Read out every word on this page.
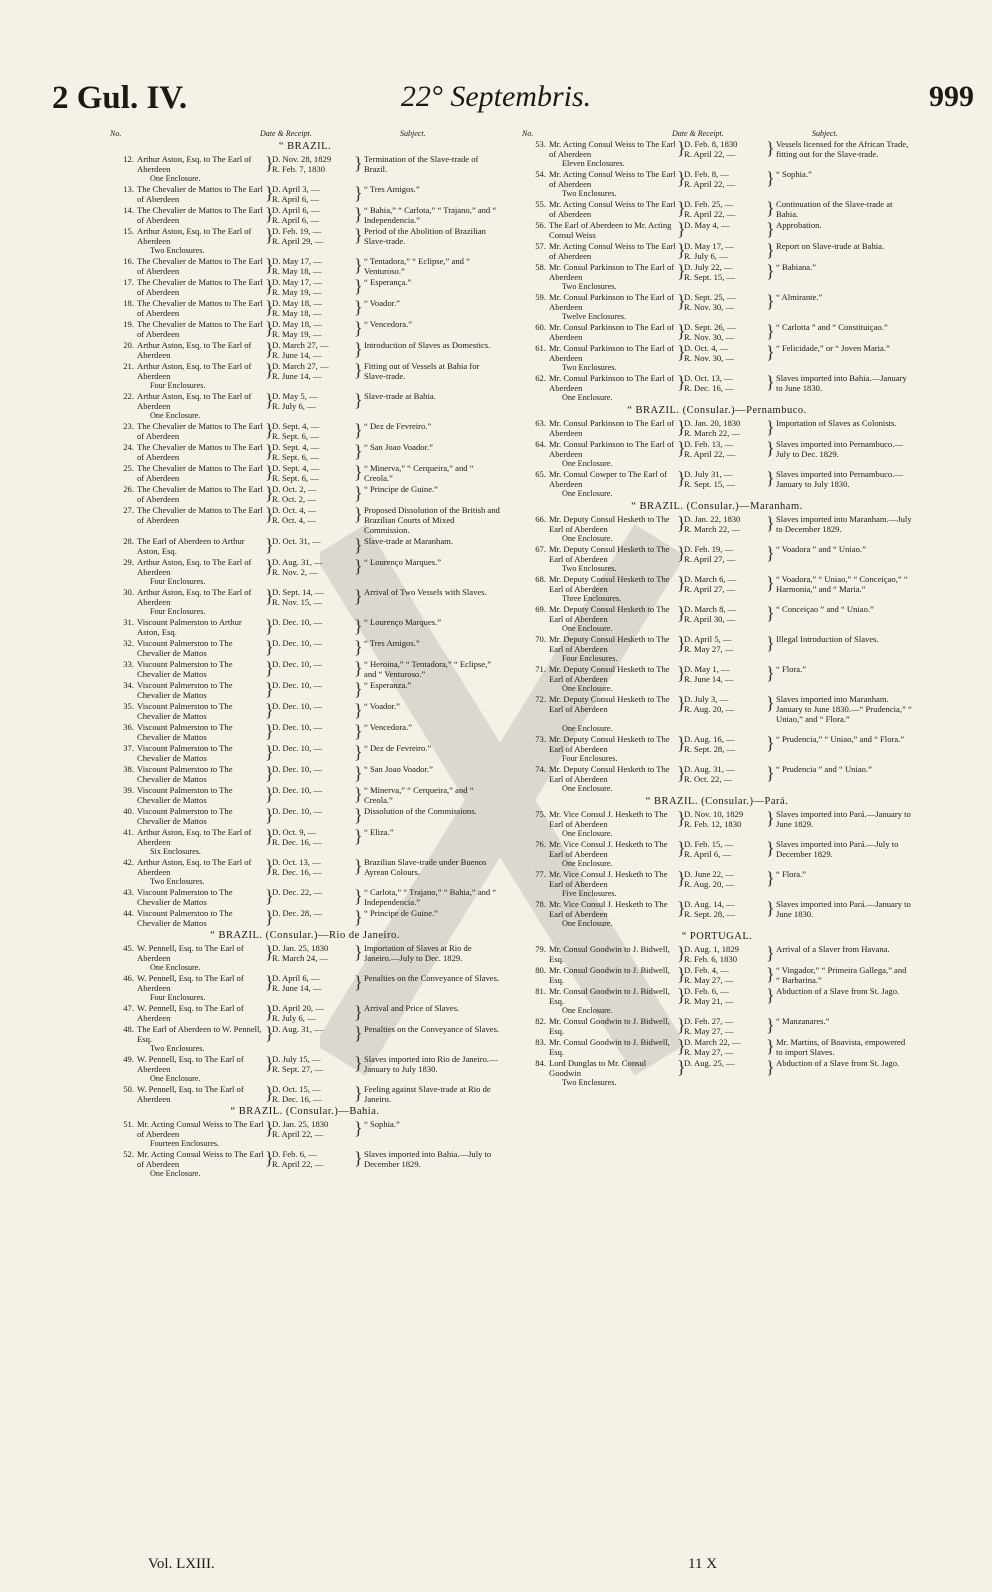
2 Gul. IV.	22° Septembris.	999
No.	Date & Receipt.	Subject.
“ BRAZIL.
12. Arthur Aston, Esq. to The Earl of Aberdeen	}
D. Nov. 28, 1829
R. Feb. 7, 1830	} Termination of the Slave-trade of Brazil.
One Enclosure.
13. The Chevalier de Mattos to The Earl of Aberdeen	}
D. April 3, —
R. April 6, —	} “ Tres Amigos.”
14. The Chevalier de Mattos to The Earl of Aberdeen	}
D. April 6, —
R. April 6, —	} “ Bahia,” “ Carlota,” “ Trajano,” and “ Independencia.”
15. Arthur Aston, Esq. to The Earl of Aberdeen	}
D. Feb. 19, —
R. April 29, —	} Period of the Abolition of Brazilian Slave-trade.
Two Enclosures.
16. The Chevalier de Mattos to The Earl of Aberdeen	}
D. May 17, —
R. May 18, —	} “ Tentadora,” “ Eclipse,” and “ Venturoso.”
17. The Chevalier de Mattos to The Earl of Aberdeen	}
D. May 17, —
R. May 19, —	} “ Esperança.”
18. The Chevalier de Mattos to The Earl of Aberdeen	}
D. May 18, —
R. May 18, —	} “ Voador.”
19. The Chevalier de Mattos to The Earl of Aberdeen	}
D. May 18, —
R. May 19, —	} “ Vencedora.”
20. Arthur Aston, Esq. to The Earl of Aberdeen	}
D. March 27, —
R. June 14, —	} Introduction of Slaves as Domestics.
21. Arthur Aston, Esq. to The Earl of Aberdeen	}
D. March 27, —
R. June 14, —	} Fitting out of Vessels at Bahia for Slave-trade.
Four Enclosures.
22. Arthur Aston, Esq. to The Earl of Aberdeen	}
D. May 5, —
R. July 6, —	} Slave-trade at Bahia.
One Enclosure.
23. The Chevalier de Mattos to The Earl of Aberdeen	}
D. Sept. 4, —
R. Sept. 6, —	} “ Dez de Fevreiro.”
24. The Chevalier de Mattos to The Earl of Aberdeen	}
D. Sept. 4, —
R. Sept. 6, —	} “ San Joao Voador.”
25. The Chevalier de Mattos to The Earl of Aberdeen	}
D. Sept. 4, —
R. Sept. 6, —	} “ Minerva,” “ Cerqueira,” and “ Creola.”
26. The Chevalier de Mattos to The Earl of Aberdeen	}
D. Oct. 2, —
R. Oct. 2, —	} “ Principe de Guine.”
27. The Chevalier de Mattos to The Earl of Aberdeen	}
D. Oct. 4, —
R. Oct. 4, —	} Proposed Dissolution of the British and Brazilian Courts of Mixed Commission.
28. The Earl of Aberdeen to Arthur Aston, Esq.	}
D. Oct. 31, —	} Slave-trade at Maranham.
29. Arthur Aston, Esq. to The Earl of Aberdeen	}
D. Aug. 31, —
R. Nov. 2, —	} “ Lourenço Marques.”
Four Enclosures.
30. Arthur Aston, Esq. to The Earl of Aberdeen	}
D. Sept. 14, —
R. Nov. 15, —	} Arrival of Two Vessels with Slaves.
Four Enclosures.
31. Viscount Palmerston to Arthur Aston, Esq.	}
D. Dec. 10, —	} “ Lourenço Marques.”
32. Viscount Palmerston to The Chevalier de Mattos	}
D. Dec. 10, —	} “ Tres Amigos.”
33. Viscount Palmerston to The Chevalier de Mattos	}
D. Dec. 10, —	} “ Heroina,” “ Tentadora,” “ Eclipse,” and “ Venturoso.”
34. Viscount Palmerston to The Chevalier de Mattos	}
D. Dec. 10, —	} “ Esperanza.”
35. Viscount Palmerston to The Chevalier de Mattos	}
D. Dec. 10, —	} “ Voador.”
36. Viscount Palmerston to The Chevalier de Mattos	}
D. Dec. 10, —	} “ Vencedora.”
37. Viscount Palmerston to The Chevalier de Mattos	}
D. Dec. 10, —	} “ Dez de Fevreiro.”
38. Viscount Palmerston to The Chevalier de Mattos	}
D. Dec. 10, —	} “ San Joao Voador.”
39. Viscount Palmerston to The Chevalier de Mattos	}
D. Dec. 10, —	} “ Minerva,” “ Cerqueira,” and “ Creola.”
40. Viscount Palmerston to The Chevalier de Mattos	}
D. Dec. 10, —	} Dissolution of the Commissions.
41. Arthur Aston, Esq. to The Earl of Aberdeen	}
D. Oct. 9, —
R. Dec. 16, —	} “ Eliza.”
Six Enclosures.
42. Arthur Aston, Esq. to The Earl of Aberdeen	}
D. Oct. 13, —
R. Dec. 16, —	} Brazilian Slave-trade under Buenos Ayrean Colours.
Two Enclosures.
43. Viscount Palmerston to The Chevalier de Mattos	}
D. Dec. 22, —	} “ Carlota,” “ Trajano,” “ Bahia,” and “ Independencia.”
44. Viscount Palmerston to The Chevalier de Mattos	}
D. Dec. 28, —	} “ Principe de Guine.”
“ BRAZIL. (Consular.)—Rio de Janeiro.
45. W. Pennell, Esq. to The Earl of Aberdeen	}
D. Jan. 25, 1830
R. March 24, —	} Importation of Slaves at Rio de Janeiro.—July to Dec. 1829.
One Enclosure.
46. W. Pennell, Esq. to The Earl of Aberdeen	}
D. April 6, —
R. June 14, —	} Penalties on the Conveyance of Slaves.
Four Enclosures.
47. W. Pennell, Esq. to The Earl of Aberdeen	}
D. April 20, —
R. July 6, —	} Arrival and Price of Slaves.
48. The Earl of Aberdeen to W. Pennell, Esq.	}
D. Aug. 31, —	} Penalties on the Conveyance of Slaves.
Two Enclosures.
49. W. Pennell, Esq. to The Earl of Aberdeen	}
D. July 15, —
R. Sept. 27, —	} Slaves imported into Rio de Janeiro.—January to July 1830.
One Enclosure.
50. W. Pennell, Esq. to The Earl of Aberdeen	}
D. Oct. 15, —
R. Dec. 16, —	} Feeling against Slave-trade at Rio de Janeiro.
“ BRAZIL. (Consular.)—Bahia.
51. Mr. Acting Consul Weiss to The Earl of Aberdeen	}
D. Jan. 25, 1830
R. April 22, —	} “ Sophia.”
Fourteen Enclosures.
52. Mr. Acting Consul Weiss to The Earl of Aberdeen	}
D. Feb. 6, —
R. April 22, —	} Slaves imported into Bahia.—July to December 1829.
One Enclosure.
No.	Date & Receipt.	Subject.
53. Mr. Acting Consul Weiss to The Earl of Aberdeen	}
D. Feb. 8, 1830
R. April 22, —	} Vessels licensed for the African Trade, fitting out for the Slave-trade.
Eleven Enclosures.
54. Mr. Acting Consul Weiss to The Earl of Aberdeen	}
D. Feb. 8, —
R. April 22, —	} “ Sophia.”
Two Enclosures.
55. Mr. Acting Consul Weiss to The Earl of Aberdeen	}
D. Feb. 25, —
R. April 22, —	} Continuation of the Slave-trade at Bahia.
56. The Earl of Aberdeen to Mr. Acting Consul Weiss	}
D. May 4, —	} Approbation.
57. Mr. Acting Consul Weiss to The Earl of Aberdeen	}
D. May 17, —
R. July 6, —	} Report on Slave-trade at Bahia.
58. Mr. Consul Parkinson to The Earl of Aberdeen	}
D. July 22, —
R. Sept. 15, —	} “ Babiana.”
Two Enclosures.
59. Mr. Consul Parkinson to The Earl of Aberdeen	}
D. Sept. 25, —
R. Nov. 30, —	} “ Almirante.”
Twelve Enclosures.
60. Mr. Consul Parkinson to The Earl of Aberdeen	}
D. Sept. 26, —
R. Nov. 30, —	} “ Carlotta ” and “ Constituiçao.”
61. Mr. Consul Parkinson to The Earl of Aberdeen	}
D. Oct. 4, —
R. Nov. 30, —	} “ Felicidade,” or “ Joven Maria.”
Two Enclosures.
62. Mr. Consul Parkinson to The Earl of Aberdeen	}
D. Oct. 13, —
R. Dec. 16, —	} Slaves imported into Bahia.—January to June 1830.
One Enclosure.
“ BRAZIL. (Consular.)—Pernambuco.
63. Mr. Consul Parkinson to The Earl of Aberdeen	}
D. Jan. 20, 1830
R. March 22, —	} Importation of Slaves as Colonists.
64. Mr. Consul Parkinson to The Earl of Aberdeen	}
D. Feb. 13, —
R. April 22, —	} Slaves imported into Pernambuco.—July to Dec. 1829.
One Enclosure.
65. Mr. Consul Cowper to The Earl of Aberdeen	}
D. July 31, —
R. Sept. 15, —	} Slaves imported into Pernambuco.—January to July 1830.
One Enclosure.
“ BRAZIL. (Consular.)—Maranham.
66. Mr. Deputy Consul Hesketh to The Earl of Aberdeen	}
D. Jan. 22, 1830
R. March 22, —	} Slaves imported into Maranham.—July to December 1829.
One Enclosure.
67. Mr. Deputy Consul Hesketh to The Earl of Aberdeen	}
D. Feb. 19, —
R. April 27, —	} “ Voadora ” and “ Uniao.”
Two Enclosures.
68. Mr. Deputy Consul Hesketh to The Earl of Aberdeen	}
D. March 6, —
R. April 27, —	} “ Voadora,” “ Uniao,” “ Conceiçao,” “ Harmonia,” and “ Maria.”
Three Enclosures.
69. Mr. Deputy Consul Hesketh to The Earl of Aberdeen	}
D. March 8, —
R. April 30, —	} “ Conceiçao ” and “ Uniao.”
One Enclosure.
70. Mr. Deputy Consul Hesketh to The Earl of Aberdeen	}
D. April 5, —
R. May 27, —	} Illegal Introduction of Slaves.
Four Enclosures.
71. Mr. Deputy Consul Hesketh to The Earl of Aberdeen	}
D. May 1, —
R. June 14, —	} “ Flora.”
One Enclosure.
72. Mr. Deputy Consul Hesketh to The Earl of Aberdeen	}
D. July 3, —
R. Aug. 20, —	} Slaves imported into Maranham. January to June 1830.—“ Prudencia,” “ Uniao,” and “ Flora.”
One Enclosure.
73. Mr. Deputy Consul Hesketh to The Earl of Aberdeen	}
D. Aug. 16, —
R. Sept. 28, —	} “ Prudencia,” “ Uniao,” and “ Flora.”
Four Enclosures.
74. Mr. Deputy Consul Hesketh to The Earl of Aberdeen	}
D. Aug. 31, —
R. Oct. 22, —	} “ Prudencia ” and “ Uniao.”
One Enclosure.
“ BRAZIL. (Consular.)—Pará.
75. Mr. Vice Consul J. Hesketh to The Earl of Aberdeen	}
D. Nov. 10, 1829
R. Feb. 12, 1830	} Slaves imported into Pará.—January to June 1829.
One Enclosure.
76. Mr. Vice Consul J. Hesketh to The Earl of Aberdeen	}
D. Feb. 15, —
R. April 6, —	} Slaves imported into Pará.—July to December 1829.
One Enclosure.
77. Mr. Vice Consul J. Hesketh to The Earl of Aberdeen	}
D. June 22, —
R. Aug. 20, —	} “ Flora.”
Five Enclosures.
78. Mr. Vice Consul J. Hesketh to The Earl of Aberdeen	}
D. Aug. 14, —
R. Sept. 28, —	} Slaves imported into Pará.—January to June 1830.
One Enclosure.
“ PORTUGAL.
79. Mr. Consul Goodwin to J. Bidwell, Esq.	}
D. Aug. 1, 1829
R. Feb. 6, 1830	} Arrival of a Slaver from Havana.
80. Mr. Consul Goodwin to J. Bidwell, Esq.	}
D. Feb. 4, —
R. May 27, —	} “ Vingador,” “ Primeira Gallega,” and “ Barbarina.”
81. Mr. Consul Goodwin to J. Bidwell, Esq.	}
D. Feb. 6, —
R. May 21, —	} Abduction of a Slave from St. Jago.
One Enclosure.
82. Mr. Consul Goodwin to J. Bidwell, Esq.	}
D. Feb. 27, —
R. May 27, —	} “ Manzanares.”
83. Mr. Consul Goodwin to J. Bidwell, Esq.	}
D. March 22, —
R. May 27, —	} Mr. Martins, of Boavista, empowered to import Slaves.
84. Lord Dunglas to Mr. Consul Goodwin	}
D. Aug. 25, —	} Abduction of a Slave from St. Jago.
Two Enclosures.
Vol. LXIII.	11 X
